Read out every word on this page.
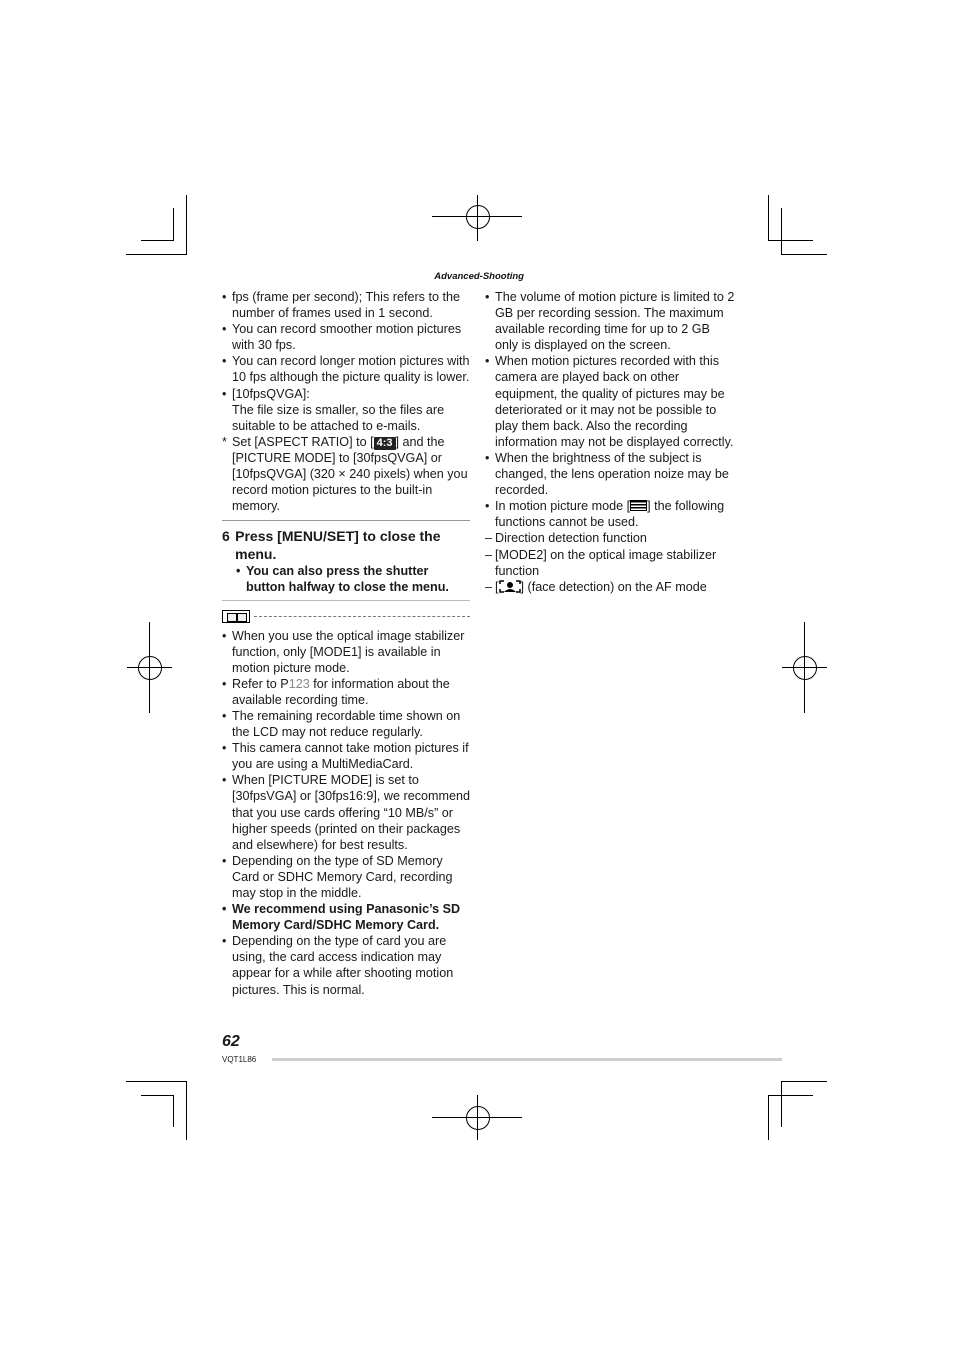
Advanced-Shooting

• fps (frame per second); This refers to the number of frames used in 1 second.

• You can record smoother motion pictures with 30 fps.

• You can record longer motion pictures with 10 fps although the picture quality is lower.

• [10fpsQVGA]:
The file size is smaller, so the files are suitable to be attached to e-mails.

* Set [ASPECT RATIO] to [ 4:3 ] and the [PICTURE MODE] to [30fpsQVGA] or [10fpsQVGA] (320 × 240 pixels) when you record motion pictures to the built-in memory.

6 Press [MENU/SET] to close the menu.

• You can also press the shutter button halfway to close the menu.

• When you use the optical image stabilizer function, only [MODE1] is available in motion picture mode.

• Refer to P123 for information about the available recording time.

• The remaining recordable time shown on the LCD may not reduce regularly.

• This camera cannot take motion pictures if you are using a MultiMediaCard.

• When [PICTURE MODE] is set to [30fpsVGA] or [30fps16:9], we recommend that you use cards offering “10 MB/s” or higher speeds (printed on their packages and elsewhere) for best results.

• Depending on the type of SD Memory Card or SDHC Memory Card, recording may stop in the middle.

• We recommend using Panasonic’s SD Memory Card/SDHC Memory Card.

• Depending on the type of card you are using, the card access indication may appear for a while after shooting motion pictures. This is normal.

• The volume of motion picture is limited to 2 GB per recording session. The maximum available recording time for up to 2 GB only is displayed on the screen.

• When motion pictures recorded with this camera are played back on other equipment, the quality of pictures may be deteriorated or it may not be possible to play them back. Also the recording information may not be displayed correctly.

• When the brightness of the subject is changed, the lens operation noize may be recorded.

• In motion picture mode [ ] the following functions cannot be used.

– Direction detection function

– [MODE2] on the optical image stabilizer function

– [ ] (face detection) on the AF mode

62
VQT1L86
